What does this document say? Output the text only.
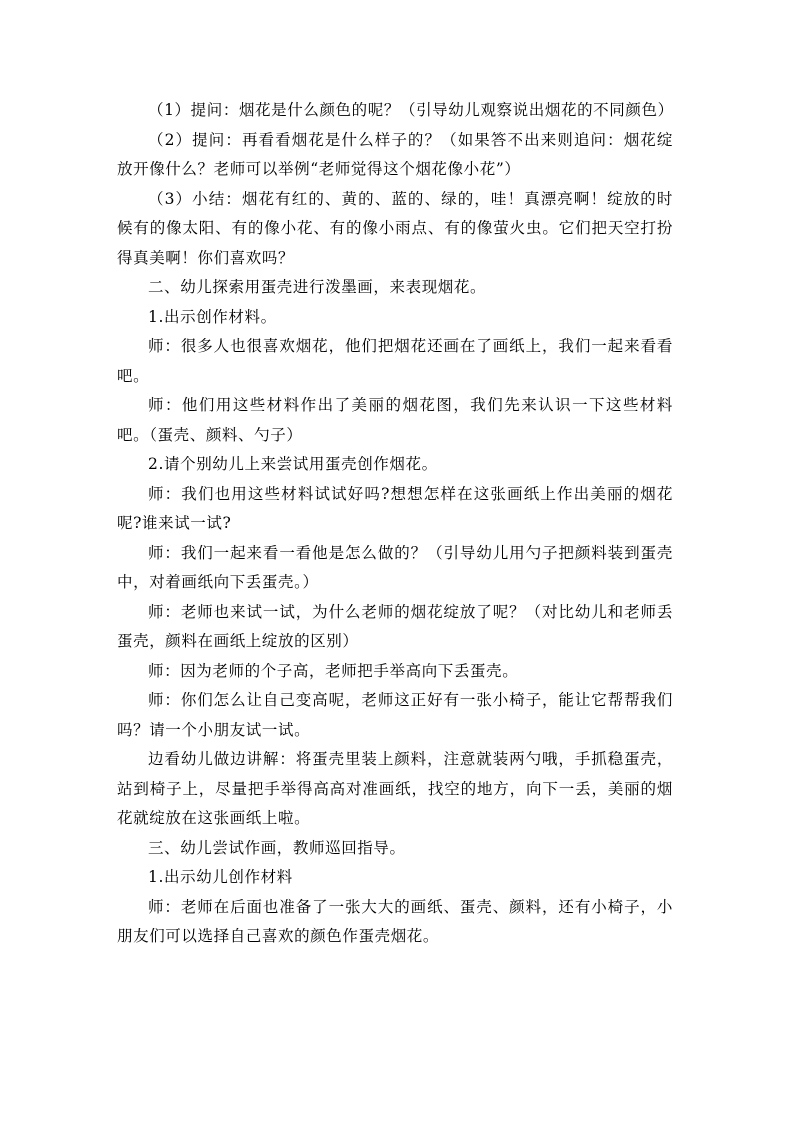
（1）提问：烟花是什么颜色的呢？（引导幼儿观察说出烟花的不同颜色）

（2）提问：再看看烟花是什么样子的？（如果答不出来则追问：烟花绽放开像什么？老师可以举例“老师觉得这个烟花像小花”）

（3）小结：烟花有红的、黄的、蓝的、绿的，哇！真漂亮啊！绽放的时候有的像太阳、有的像小花、有的像小雨点、有的像萤火虫。它们把天空打扮得真美啊！你们喜欢吗？

二、幼儿探索用蛋壳进行泼墨画，来表现烟花。

1.出示创作材料。

师：很多人也很喜欢烟花，他们把烟花还画在了画纸上，我们一起来看看吧。

师：他们用这些材料作出了美丽的烟花图，我们先来认识一下这些材料吧。（蛋壳、颜料、勺子）

2.请个别幼儿上来尝试用蛋壳创作烟花。

师：我们也用这些材料试试好吗?想想怎样在这张画纸上作出美丽的烟花呢?谁来试一试?

师：我们一起来看一看他是怎么做的？（引导幼儿用勺子把颜料装到蛋壳中，对着画纸向下丢蛋壳。）

师：老师也来试一试，为什么老师的烟花绽放了呢？（对比幼儿和老师丢蛋壳，颜料在画纸上绽放的区别）

师：因为老师的个子高，老师把手举高向下丢蛋壳。

师：你们怎么让自己变高呢，老师这正好有一张小椅子，能让它帮帮我们吗？请一个小朋友试一试。

边看幼儿做边讲解：将蛋壳里装上颜料，注意就装两勺哦，手抓稳蛋壳，站到椅子上，尽量把手举得高高对准画纸，找空的地方，向下一丢，美丽的烟花就绽放在这张画纸上啦。

三、幼儿尝试作画，教师巡回指导。

1.出示幼儿创作材料

师：老师在后面也准备了一张大大的画纸、蛋壳、颜料，还有小椅子，小朋友们可以选择自己喜欢的颜色作蛋壳烟花。
